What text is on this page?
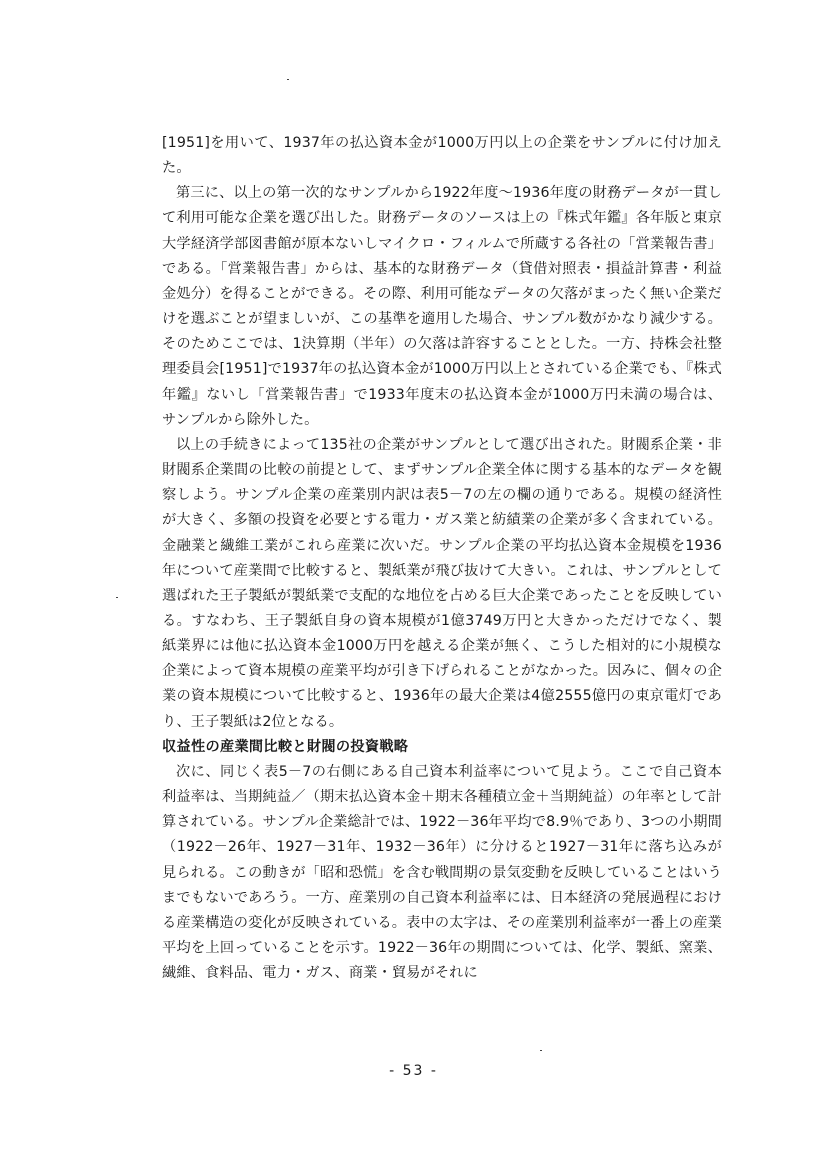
[1951]を用いて、1937年の払込資本金が1000万円以上の企業をサンプルに付け加えた。

第三に、以上の第一次的なサンプルから1922年度～1936年度の財務データが一貫して利用可能な企業を選び出した。財務データのソースは上の『株式年鑑』各年版と東京大学経済学部図書館が原本ないしマイクロ・フィルムで所蔵する各社の「営業報告書」である。「営業報告書」からは、基本的な財務データ（貸借対照表・損益計算書・利益金処分）を得ることができる。その際、利用可能なデータの欠落がまったく無い企業だけを選ぶことが望ましいが、この基準を適用した場合、サンプル数がかなり減少する。そのためここでは、1決算期（半年）の欠落は許容することとした。一方、持株会社整理委員会[1951]で1937年の払込資本金が1000万円以上とされている企業でも、『株式年鑑』ないし「営業報告書」で1933年度末の払込資本金が1000万円未満の場合は、サンプルから除外した。

以上の手続きによって135社の企業がサンプルとして選び出された。財閥系企業・非財閥系企業間の比較の前提として、まずサンプル企業全体に関する基本的なデータを観察しよう。サンプル企業の産業別内訳は表5－7の左の欄の通りである。規模の経済性が大きく、多額の投資を必要とする電力・ガス業と紡績業の企業が多く含まれている。金融業と繊維工業がこれら産業に次いだ。サンプル企業の平均払込資本金規模を1936年について産業間で比較すると、製紙業が飛び抜けて大きい。これは、サンプルとして選ばれた王子製紙が製紙業で支配的な地位を占める巨大企業であったことを反映している。すなわち、王子製紙自身の資本規模が1億3749万円と大きかっただけでなく、製紙業界には他に払込資本金1000万円を越える企業が無く、こうした相対的に小規模な企業によって資本規模の産業平均が引き下げられることがなかった。因みに、個々の企業の資本規模について比較すると、1936年の最大企業は4億2555億円の東京電灯であり、王子製紙は2位となる。

収益性の産業間比較と財閥の投資戦略

次に、同じく表5－7の右側にある自己資本利益率について見よう。ここで自己資本利益率は、当期純益／（期末払込資本金＋期末各種積立金＋当期純益）の年率として計算されている。サンプル企業総計では、1922－36年平均で8.9％であり、3つの小期間（1922－26年、1927－31年、1932－36年）に分けると1927－31年に落ち込みが見られる。この動きが「昭和恐慌」を含む戦間期の景気変動を反映していることはいうまでもないであろう。一方、産業別の自己資本利益率には、日本経済の発展過程における産業構造の変化が反映されている。表中の太字は、その産業別利益率が一番上の産業平均を上回っていることを示す。1922－36年の期間については、化学、製紙、窯業、繊維、食料品、電力・ガス、商業・貿易がそれに

- 53 -
